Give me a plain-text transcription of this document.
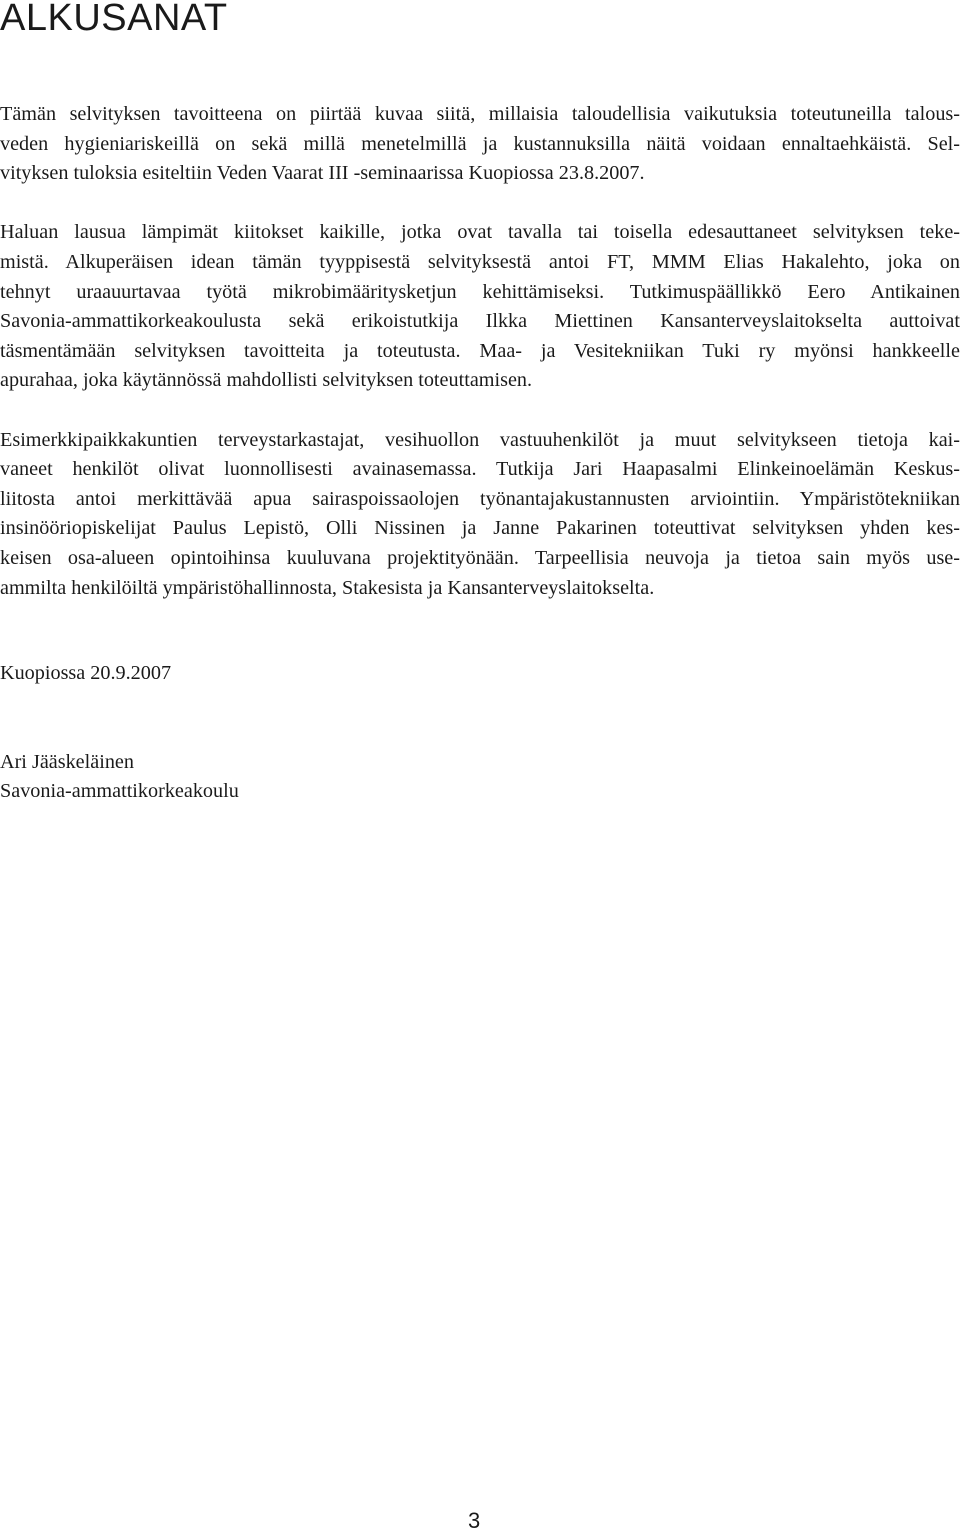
ALKUSANAT

Tämän selvityksen tavoitteena on piirtää kuvaa siitä, millaisia taloudellisia vaikutuksia toteutuneilla talous-
veden hygieniariskeillä on sekä millä menetelmillä ja kustannuksilla näitä voidaan ennaltaehkäistä. Sel-
vityksen tuloksia esiteltiin Veden Vaarat III -seminaarissa Kuopiossa 23.8.2007.

Haluan lausua lämpimät kiitokset kaikille, jotka ovat tavalla tai toisella edesauttaneet selvityksen teke-
mistä. Alkuperäisen idean tämän tyyppisestä selvityksestä antoi FT, MMM Elias Hakalehto, joka on
tehnyt uraauurtavaa työtä mikrobimääritysketjun kehittämiseksi. Tutkimuspäällikkö Eero Antikainen
Savonia-ammattikorkeakoulusta sekä erikoistutkija Ilkka Miettinen Kansanterveyslaitokselta auttoivat
täsmentämään selvityksen tavoitteita ja toteutusta. Maa- ja Vesitekniikan Tuki ry myönsi hankkeelle
apurahaa, joka käytännössä mahdollisti selvityksen toteuttamisen.

Esimerkkipaikkakuntien terveystarkastajat, vesihuollon vastuuhenkilöt ja muut selvitykseen tietoja kai-
vaneet henkilöt olivat luonnollisesti avainasemassa. Tutkija Jari Haapasalmi Elinkeinoelämän Keskus-
liitosta antoi merkittävää apua sairaspoissaolojen työnantajakustannusten arviointiin. Ympäristötekniikan
insinööriopiskelijat Paulus Lepistö, Olli Nissinen ja Janne Pakarinen toteuttivat selvityksen yhden kes-
keisen osa-alueen opintoihinsa kuuluvana projektityönään. Tarpeellisia neuvoja ja tietoa sain myös use-
ammilta henkilöiltä ympäristöhallinnosta, Stakesista ja Kansanterveyslaitokselta.

Kuopiossa 20.9.2007

Ari Jääskeläinen

Savonia-ammattikorkeakoulu

3
